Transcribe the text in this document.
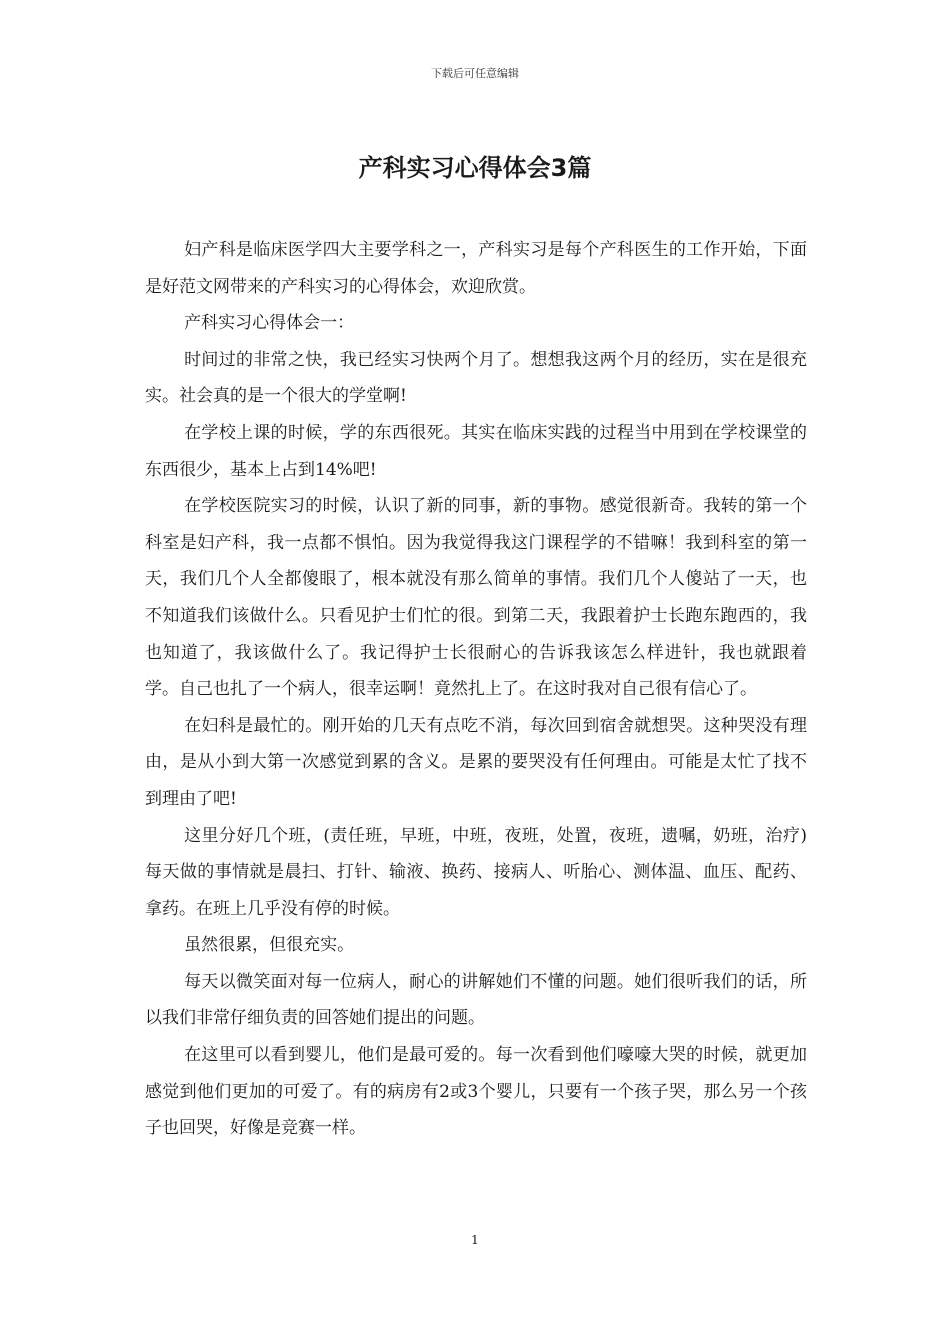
下载后可任意编辑
产科实习心得体会3篇

妇产科是临床医学四大主要学科之一，产科实习是每个产科医生的工作开始，下面是好范文网带来的产科实习的心得体会，欢迎欣赏。

产科实习心得体会一：

时间过的非常之快，我已经实习快两个月了。想想我这两个月的经历，实在是很充实。社会真的是一个很大的学堂啊!

在学校上课的时候，学的东西很死。其实在临床实践的过程当中用到在学校课堂的东西很少，基本上占到14%吧!

在学校医院实习的时候，认识了新的同事，新的事物。感觉很新奇。我转的第一个科室是妇产科，我一点都不惧怕。因为我觉得我这门课程学的不错嘛！我到科室的第一天，我们几个人全都傻眼了，根本就没有那么简单的事情。我们几个人傻站了一天，也不知道我们该做什么。只看见护士们忙的很。到第二天，我跟着护士长跑东跑西的，我也知道了，我该做什么了。我记得护士长很耐心的告诉我该怎么样进针，我也就跟着学。自己也扎了一个病人，很幸运啊！竟然扎上了。在这时我对自己很有信心了。

在妇科是最忙的。刚开始的几天有点吃不消，每次回到宿舍就想哭。这种哭没有理由，是从小到大第一次感觉到累的含义。是累的要哭没有任何理由。可能是太忙了找不到理由了吧!

这里分好几个班，(责任班，早班，中班，夜班，处置，夜班，遗嘱，奶班，治疗)每天做的事情就是晨扫、打针、输液、换药、接病人、听胎心、测体温、血压、配药、拿药。在班上几乎没有停的时候。

虽然很累，但很充实。

每天以微笑面对每一位病人，耐心的讲解她们不懂的问题。她们很听我们的话，所以我们非常仔细负责的回答她们提出的问题。

在这里可以看到婴儿，他们是最可爱的。每一次看到他们嚎嚎大哭的时候，就更加感觉到他们更加的可爱了。有的病房有2或3个婴儿，只要有一个孩子哭，那么另一个孩子也回哭，好像是竞赛一样。

1
